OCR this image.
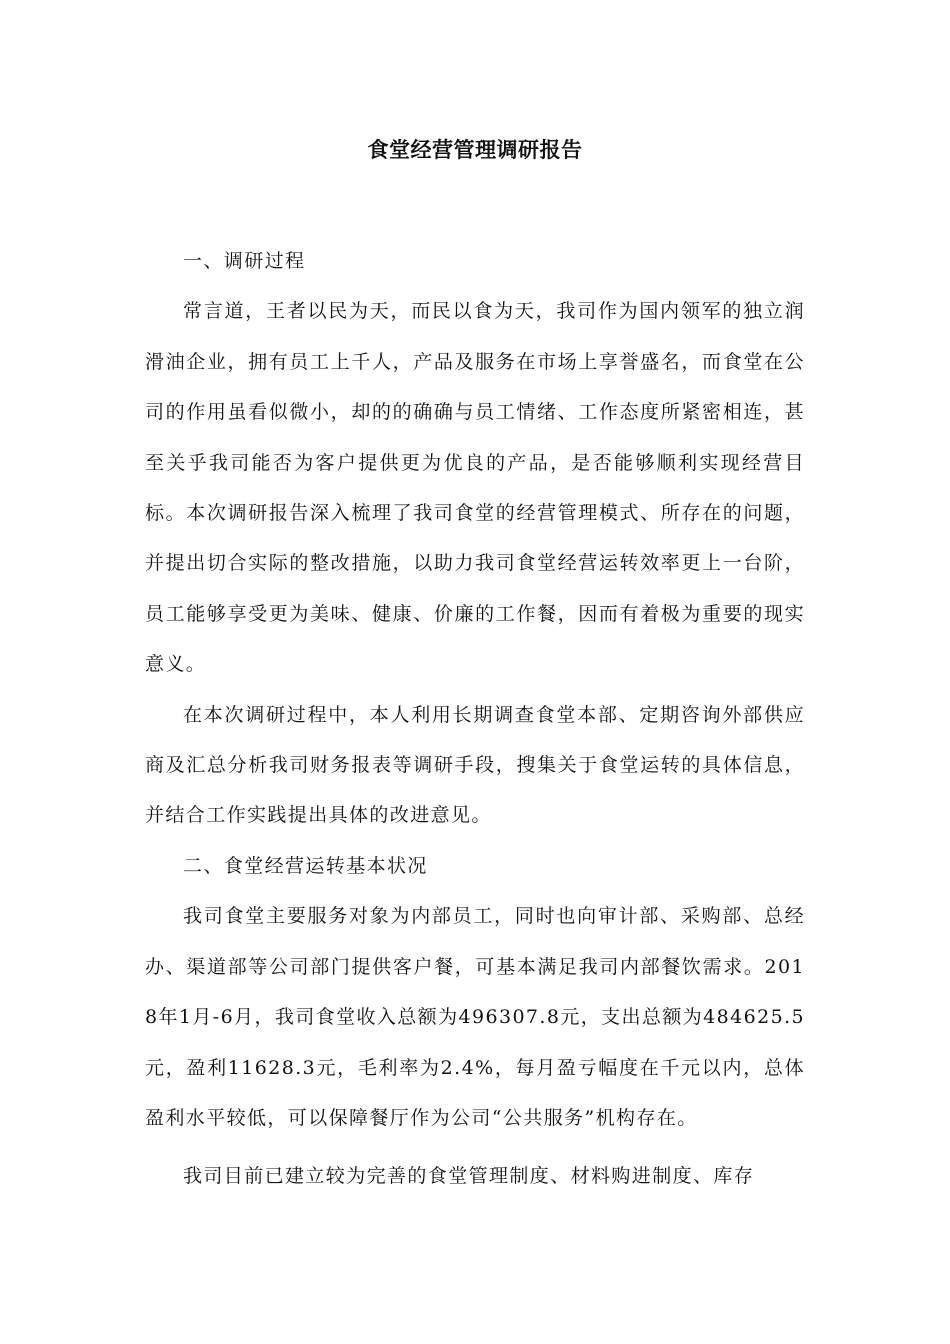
食堂经营管理调研报告

一、调研过程

常言道，王者以民为天，而民以食为天，我司作为国内领军的独立润滑油企业，拥有员工上千人，产品及服务在市场上享誉盛名，而食堂在公司的作用虽看似微小，却的的确确与员工情绪、工作态度所紧密相连，甚至关乎我司能否为客户提供更为优良的产品，是否能够顺利实现经营目标。本次调研报告深入梳理了我司食堂的经营管理模式、所存在的问题，并提出切合实际的整改措施，以助力我司食堂经营运转效率更上一台阶，员工能够享受更为美味、健康、价廉的工作餐，因而有着极为重要的现实意义。

在本次调研过程中，本人利用长期调查食堂本部、定期咨询外部供应商及汇总分析我司财务报表等调研手段，搜集关于食堂运转的具体信息，并结合工作实践提出具体的改进意见。

二、食堂经营运转基本状况

我司食堂主要服务对象为内部员工，同时也向审计部、采购部、总经办、渠道部等公司部门提供客户餐，可基本满足我司内部餐饮需求。2018年1月-6月，我司食堂收入总额为496307.8元，支出总额为484625.5元，盈利11628.3元，毛利率为2.4%，每月盈亏幅度在千元以内，总体盈利水平较低，可以保障餐厅作为公司“公共服务”机构存在。

我司目前已建立较为完善的食堂管理制度、材料购进制度、库存
